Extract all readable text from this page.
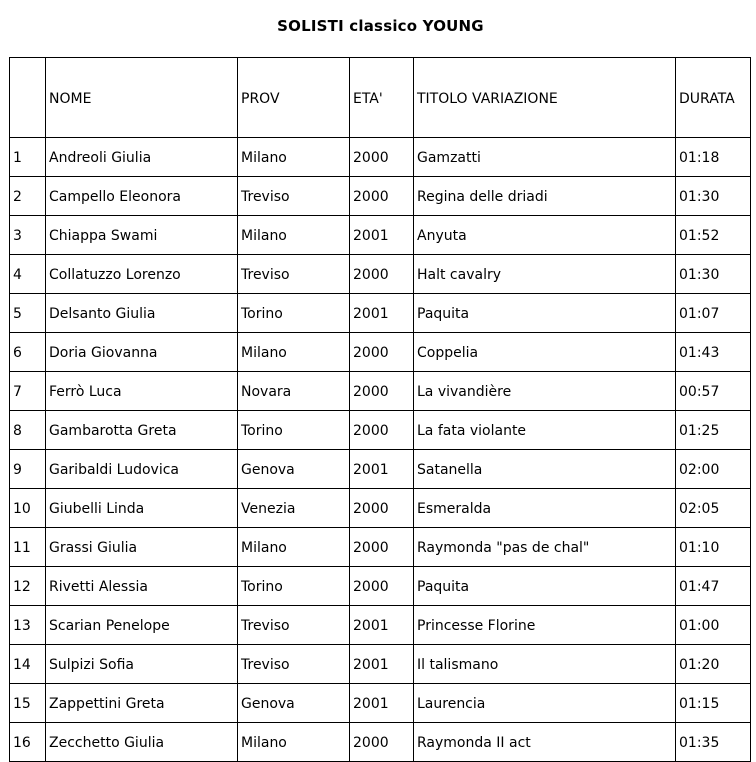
SOLISTI classico YOUNG
	NOME	PROV	ETA'	TITOLO VARIAZIONE	DURATA
1	Andreoli Giulia	Milano	2000	Gamzatti	01:18
2	Campello Eleonora	Treviso	2000	Regina delle driadi	01:30
3	Chiappa Swami	Milano	2001	Anyuta	01:52
4	Collatuzzo Lorenzo	Treviso	2000	Halt cavalry	01:30
5	Delsanto Giulia	Torino	2001	Paquita	01:07
6	Doria Giovanna	Milano	2000	Coppelia	01:43
7	Ferrò Luca	Novara	2000	La vivandière	00:57
8	Gambarotta Greta	Torino	2000	La fata violante	01:25
9	Garibaldi Ludovica	Genova	2001	Satanella	02:00
10	Giubelli Linda	Venezia	2000	Esmeralda	02:05
11	Grassi Giulia	Milano	2000	Raymonda "pas de chal"	01:10
12	Rivetti Alessia	Torino	2000	Paquita	01:47
13	Scarian Penelope	Treviso	2001	Princesse Florine	01:00
14	Sulpizi Sofia	Treviso	2001	Il talismano	01:20
15	Zappettini Greta	Genova	2001	Laurencia	01:15
16	Zecchetto Giulia	Milano	2000	Raymonda II act	01:35
